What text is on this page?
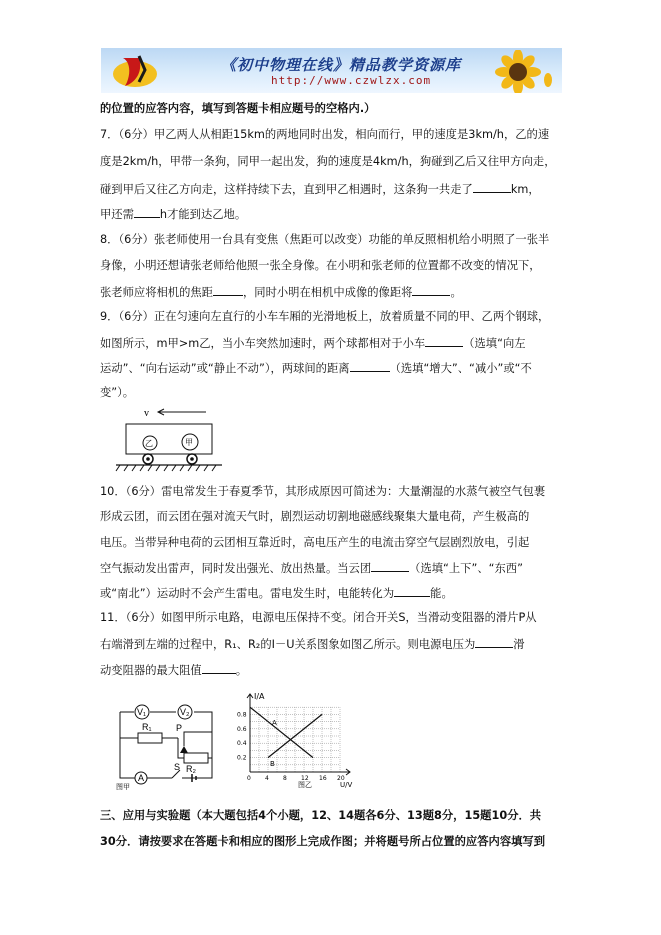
《初中物理在线》精品教学资源库
http://www.czwlzx.com
的位置的应答内容，填写到答题卡相应题号的空格内.）
7．（6分）甲乙两人从相距15km的两地同时出发，相向而行，甲的速度是3km/h，乙的速
度是2km/h，甲带一条狗，同甲一起出发，狗的速度是4km/h，狗碰到乙后又往甲方向走，
碰到甲后又往乙方向走，这样持续下去，直到甲乙相遇时，这条狗一共走了	km，
甲还需 h才能到达乙地。
8．（6分）张老师使用一台具有变焦（焦距可以改变）功能的单反照相机给小明照了一张半
身像，小明还想请张老师给他照一张全身像。在小明和张老师的位置都不改变的情况下，
张老师应将相机的焦距	，同时小明在相机中成像的像距将	。
9．（6分）正在匀速向左直行的小车车厢的光滑地板上，放着质量不同的甲、乙两个钢球，
如图所示，m甲>m乙，当小车突然加速时，两个球都相对于小车	（选填“向左
运动”、“向右运动”或“静止不动”），两球间的距离	（选填“增大”、“减小”或“不
变”）。
v
乙	甲
10．（6分）雷电常发生于春夏季节，其形成原因可简述为：大量潮湿的水蒸气被空气包裹
形成云团，而云团在强对流天气时，剧烈运动切割地磁感线聚集大量电荷，产生极高的
电压。当带异种电荷的云团相互靠近时，高电压产生的电流击穿空气层剧烈放电，引起
空气振动发出雷声，同时发出强光、放出热量。当云团	（选填“上下”、“东西”
或“南北”）运动时不会产生雷电。雷电发生时，电能转化为	能。
11．（6分）如图甲所示电路，电源电压保持不变。闭合开关S，当滑动变阻器的滑片P从
右端滑到左端的过程中，R₁、R₂的I－U关系图象如图乙所示。则电源电压为	滑
动变阻器的最大阻值	。
V₁	V₂
R₁
R₂
P
A
S
图甲
I/A
U/V
0.8
0.6
0.4
0.2
0 4 8 12 16 20
A
B
图乙
三、应用与实验题（本大题包括4个小题，12、14题各6分、13题8分，15题10分．共
30分．请按要求在答题卡和相应的图形上完成作图；并将题号所占位置的应答内容填写到
